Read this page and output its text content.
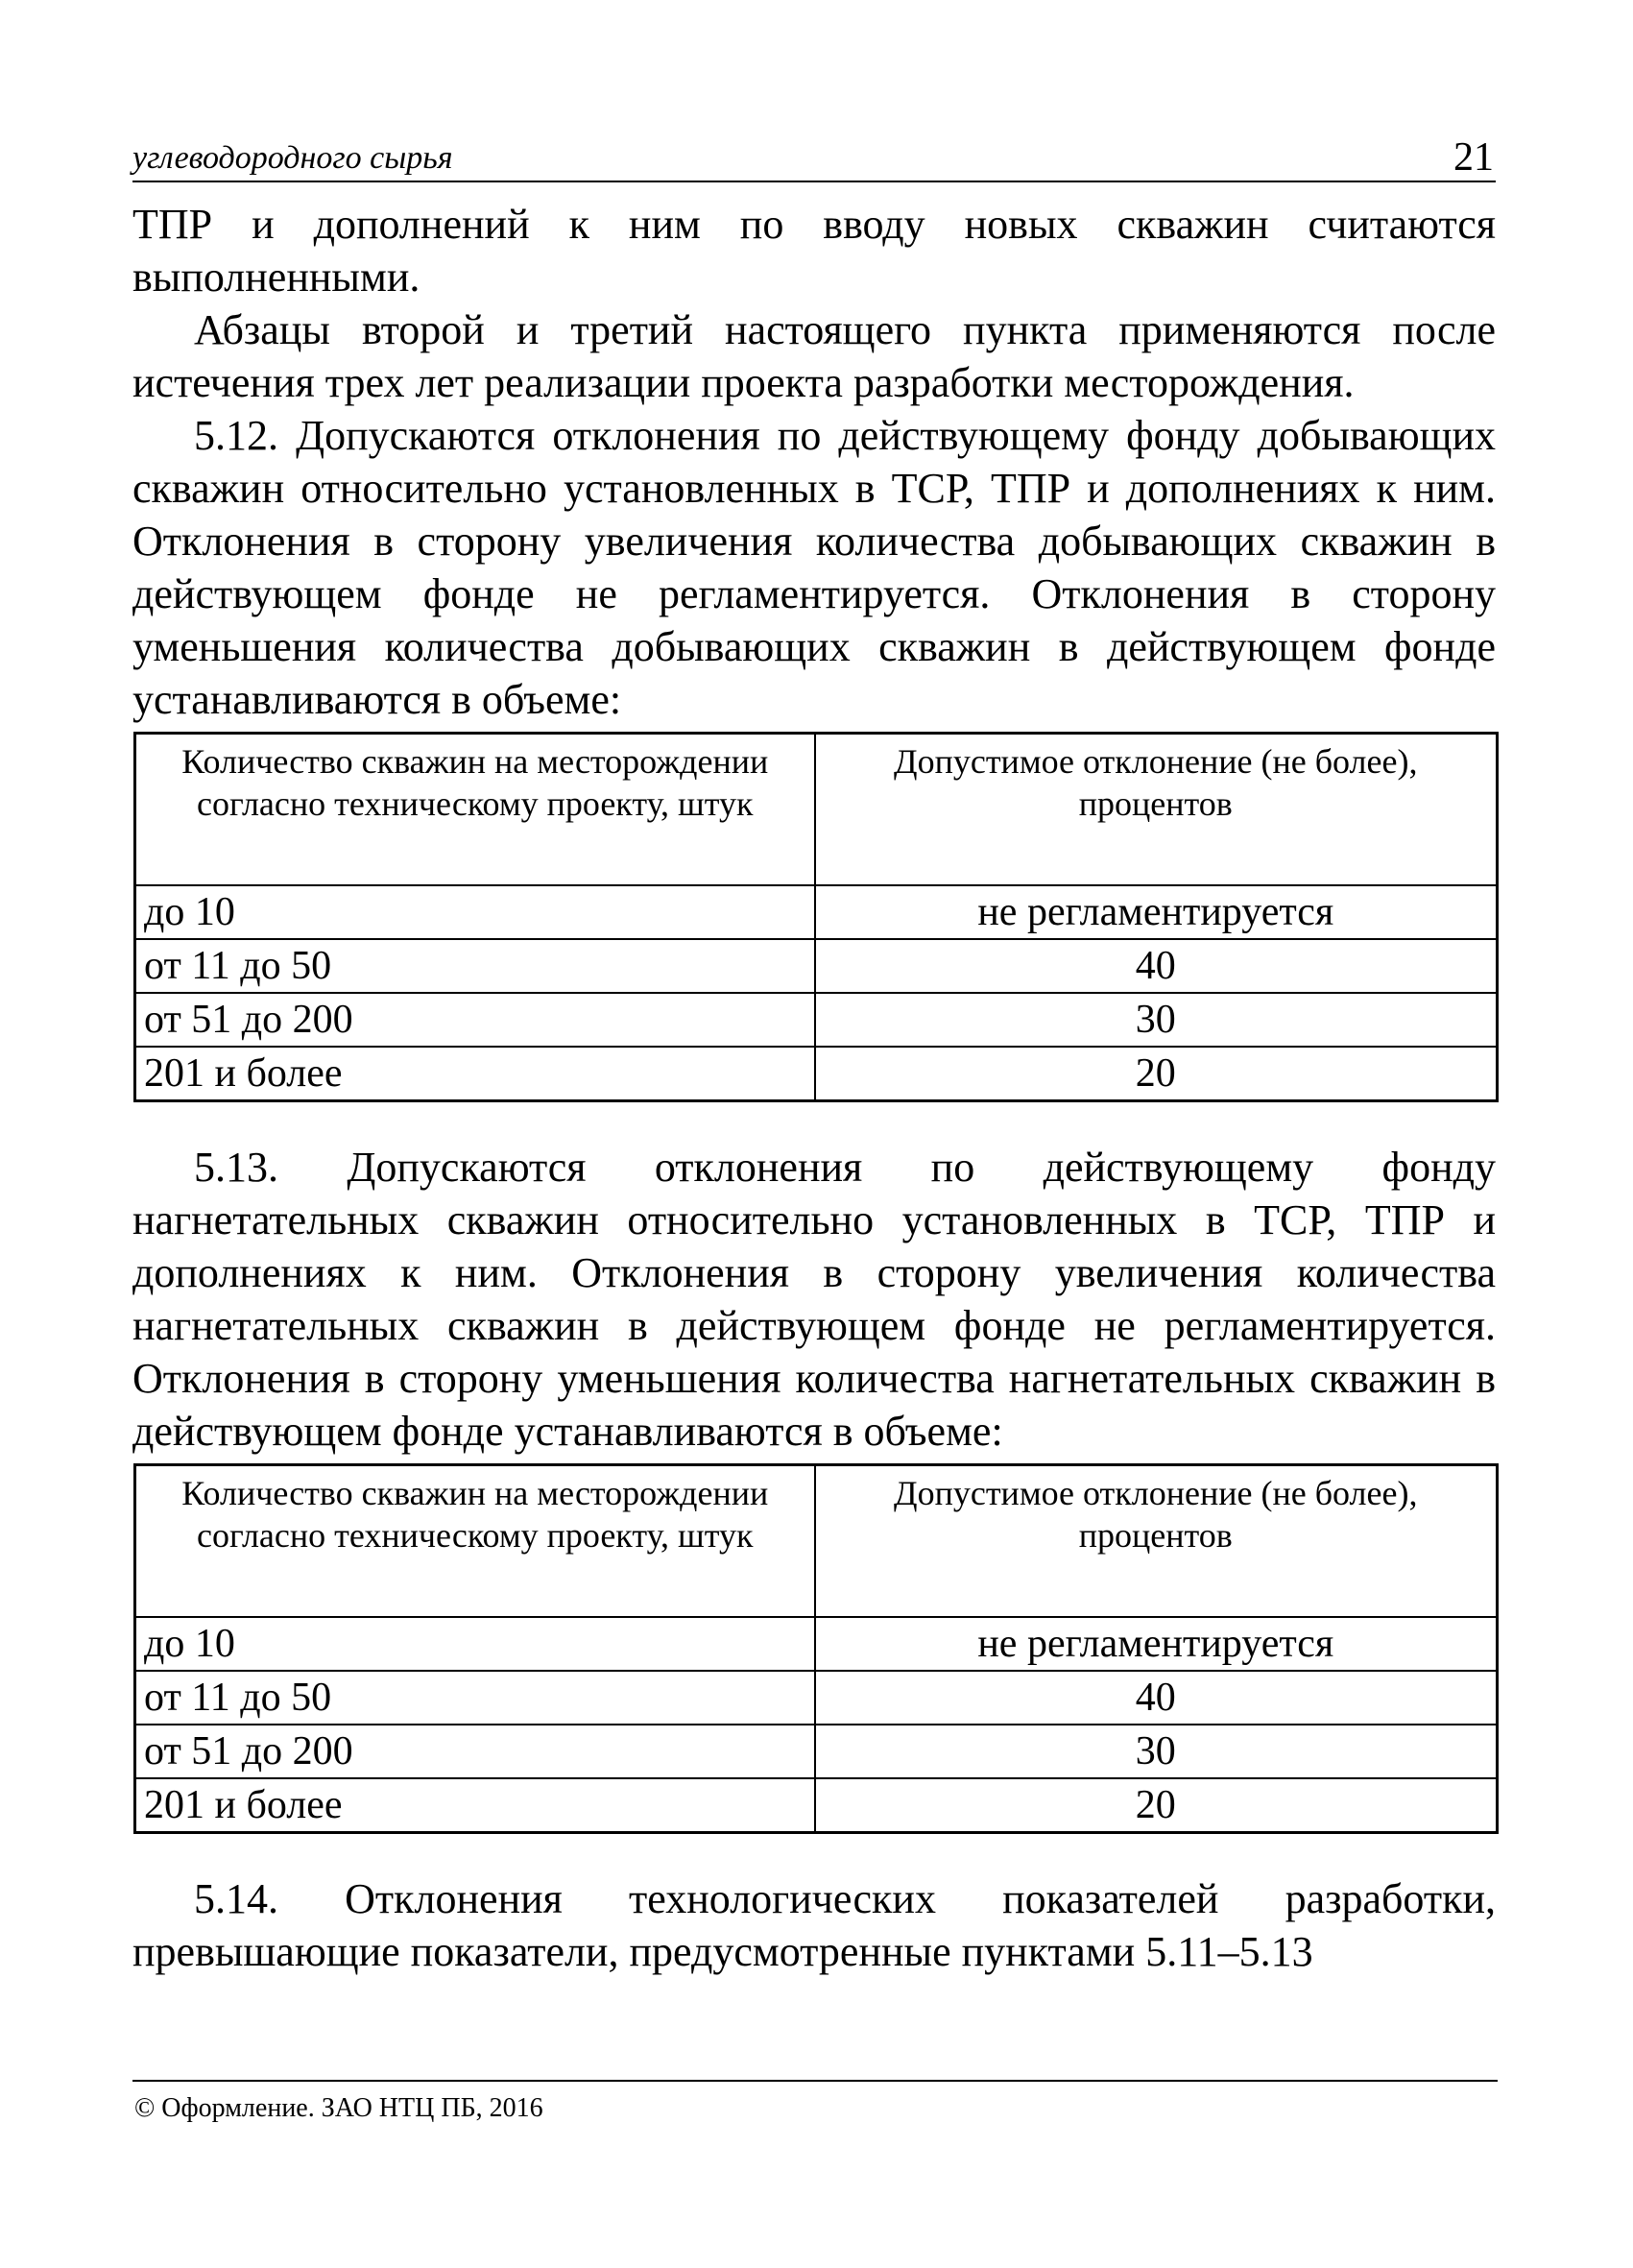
углеводородного сырья	21

ТПР и дополнений к ним по вводу новых скважин считаются выполненными.

Абзацы второй и третий настоящего пункта применяются после истечения трех лет реализации проекта разработки месторождения.

5.12. Допускаются отклонения по действующему фонду добывающих скважин относительно установленных в ТСР, ТПР и дополнениях к ним. Отклонения в сторону увеличения количества добывающих скважин в действующем фонде не регламентируется. Отклонения в сторону уменьшения количества добывающих скважин в действующем фонде устанавливаются в объеме:

Количество скважин на месторождении согласно техническому проекту, штук	Допустимое отклонение (не более), процентов
до 10	не регламентируется
от 11 до 50	40
от 51 до 200	30
201 и более	20

5.13. Допускаются отклонения по действующему фонду нагнетательных скважин относительно установленных в ТСР, ТПР и дополнениях к ним. Отклонения в сторону увеличения количества нагнетательных скважин в действующем фонде не регламентируется. Отклонения в сторону уменьшения количества нагнетательных скважин в действующем фонде устанавливаются в объеме:

Количество скважин на месторождении согласно техническому проекту, штук	Допустимое отклонение (не более), процентов
до 10	не регламентируется
от 11 до 50	40
от 51 до 200	30
201 и более	20

5.14. Отклонения технологических показателей разработки, превышающие показатели, предусмотренные пунктами 5.11–5.13

© Оформление. ЗАО НТЦ ПБ, 2016
